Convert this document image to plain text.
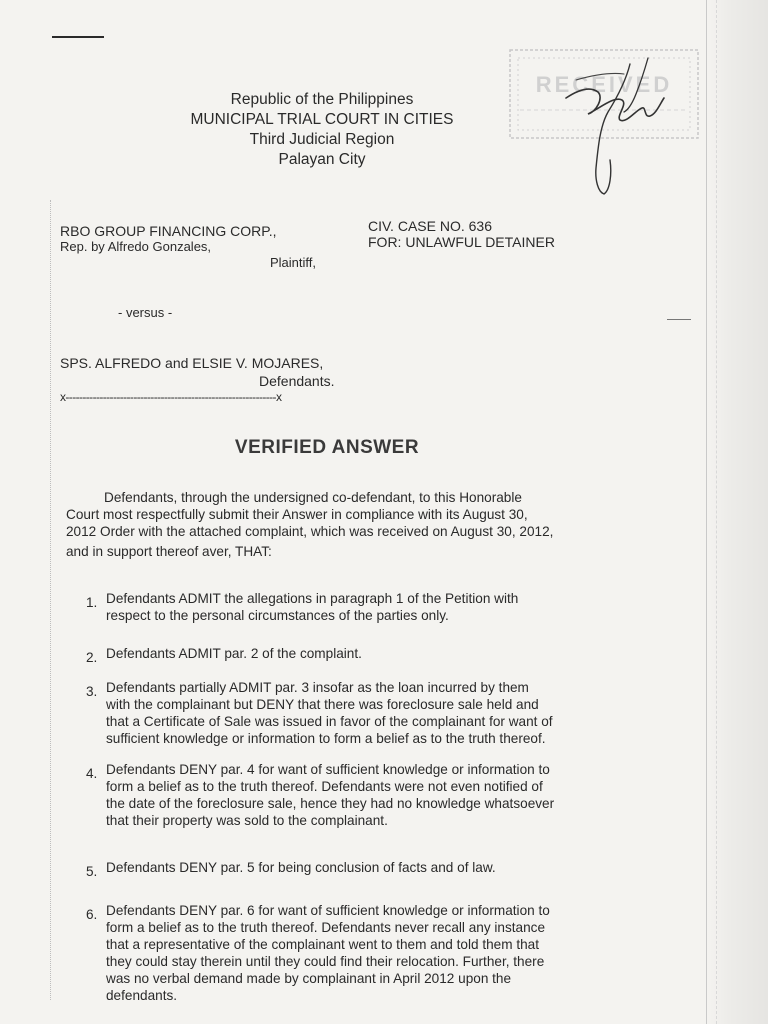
RECEIVED
Republic of the Philippines
MUNICIPAL TRIAL COURT IN CITIES
Third Judicial Region
Palayan City
RBO GROUP FINANCING CORP.,
Rep. by Alfredo Gonzales,
Plaintiff,
CIV. CASE NO. 636
FOR: UNLAWFUL DETAINER
- versus -
SPS. ALFREDO and ELSIE V. MOJARES,
Defendants.
x--------------------------------------------------------------x
VERIFIED ANSWER
Defendants, through the undersigned co-defendant, to this Honorable
Court most respectfully submit their Answer in compliance with its August 30,
2012 Order with the attached complaint, which was received on August 30, 2012,
and in support thereof aver, THAT:
1. Defendants ADMIT the allegations in paragraph 1 of the Petition with
respect to the personal circumstances of the parties only.
2. Defendants ADMIT par. 2 of the complaint.
3. Defendants partially ADMIT par. 3 insofar as the loan incurred by them
with the complainant but DENY that there was foreclosure sale held and
that a Certificate of Sale was issued in favor of the complainant for want of
sufficient knowledge or information to form a belief as to the truth thereof.
4. Defendants DENY par. 4 for want of sufficient knowledge or information to
form a belief as to the truth thereof. Defendants were not even notified of
the date of the foreclosure sale, hence they had no knowledge whatsoever
that their property was sold to the complainant.
5. Defendants DENY par. 5 for being conclusion of facts and of law.
6. Defendants DENY par. 6 for want of sufficient knowledge or information to
form a belief as to the truth thereof. Defendants never recall any instance
that a representative of the complainant went to them and told them that
they could stay therein until they could find their relocation. Further, there
was no verbal demand made by complainant in April 2012 upon the
defendants.
